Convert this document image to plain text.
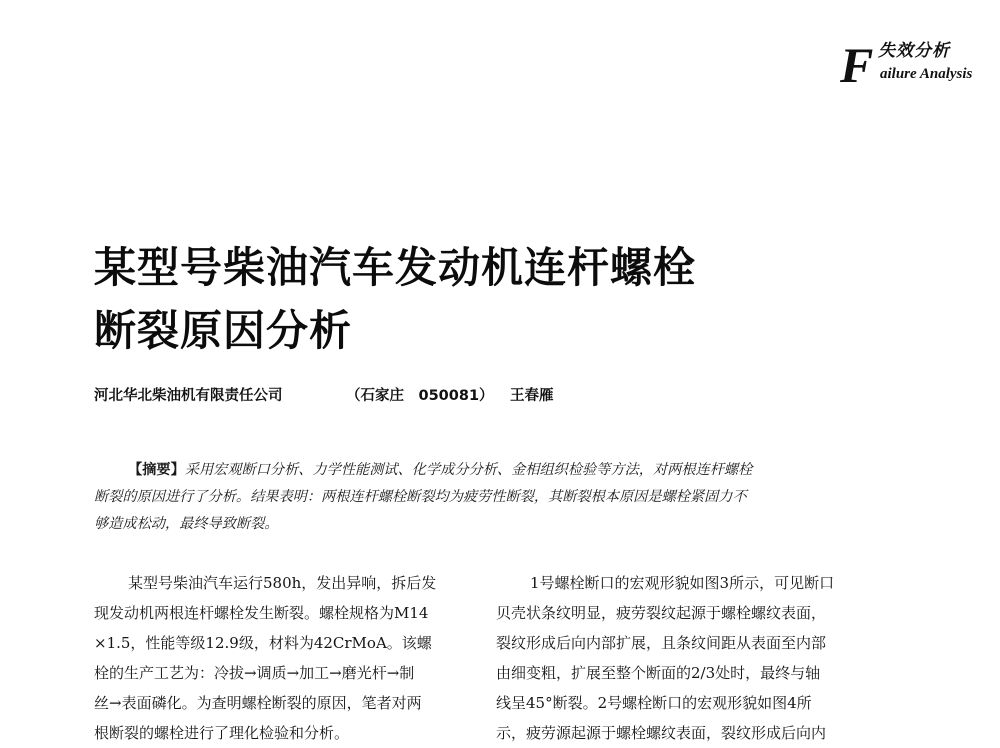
F 失效分析
ailure Analysis
某型号柴油汽车发动机连杆螺栓
断裂原因分析
河北华北柴油机有限责任公司	（石家庄　050081） 王春雁
【摘要】采用宏观断口分析、力学性能测试、化学成分分析、金相组织检验等方法，对两根连杆螺栓
断裂的原因进行了分析。结果表明：两根连杆螺栓断裂均为疲劳性断裂，其断裂根本原因是螺栓紧固力不
够造成松动，最终导致断裂。
某型号柴油汽车运行580h，发出异响，拆后发
现发动机两根连杆螺栓发生断裂。螺栓规格为M14
×1.5，性能等级12.9级，材料为42CrMoA。该螺
栓的生产工艺为：冷拔→调质→加工→磨光杆→制
丝→表面磷化。为查明螺栓断裂的原因，笔者对两
根断裂的螺栓进行了理化检验和分析。
1号螺栓断口的宏观形貌如图3所示，可见断口
贝壳状条纹明显，疲劳裂纹起源于螺栓螺纹表面，
裂纹形成后向内部扩展，且条纹间距从表面至内部
由细变粗，扩展至整个断面的2/3处时，最终与轴
线呈45°断裂。2号螺栓断口的宏观形貌如图4所
示，疲劳源起源于螺栓螺纹表面，裂纹形成后向内
